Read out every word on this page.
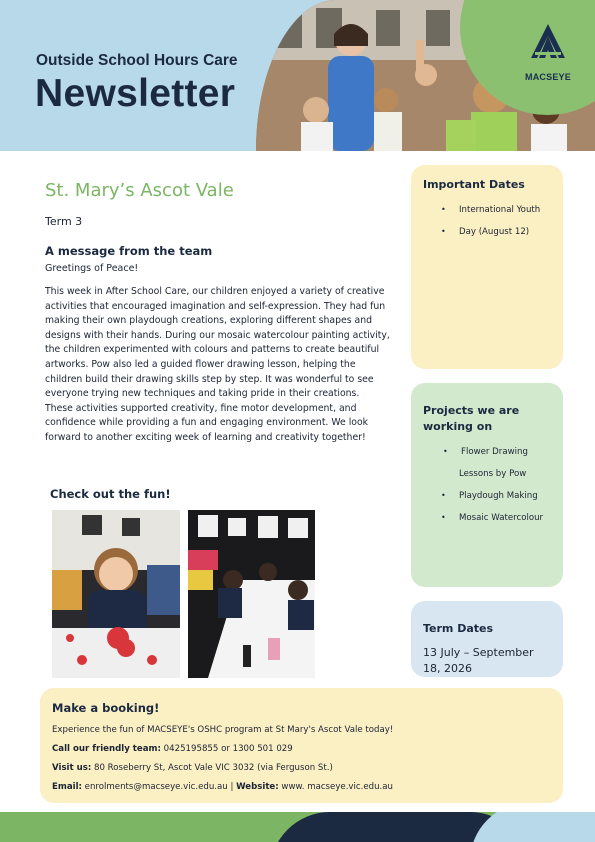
MACSEYE
Outside School Hours Care
Newsletter
St. Mary’s Ascot Vale
Term 3
A message from the team
Greetings of Peace!
This week in After School Care, our children enjoyed a variety of creative activities that encouraged imagination and self-expression. They had fun making their own playdough creations, exploring different shapes and designs with their hands. During our mosaic watercolour painting activity, the children experimented with colours and patterns to create beautiful artworks. Pow also led a guided flower drawing lesson, helping the children build their drawing skills step by step. It was wonderful to see everyone trying new techniques and taking pride in their creations. These activities supported creativity, fine motor development, and confidence while providing a fun and engaging environment. We look forward to another exciting week of learning and creativity together!
Check out the fun!
Important Dates
• International Youth
• Day (August 12)
Projects we are working on
• Flower Drawing
Lessons by Pow
• Playdough Making
• Mosaic Watercolour
Term Dates
13 July – September 18, 2026
Make a booking!
Experience the fun of MACSEYE's OSHC program at St Mary's Ascot Vale today!
Call our friendly team: 0425195855 or 1300 501 029
Visit us: 80 Roseberry St, Ascot Vale VIC 3032 (via Ferguson St.)
Email: enrolments@macseye.vic.edu.au | Website: www. macseye.vic.edu.au
